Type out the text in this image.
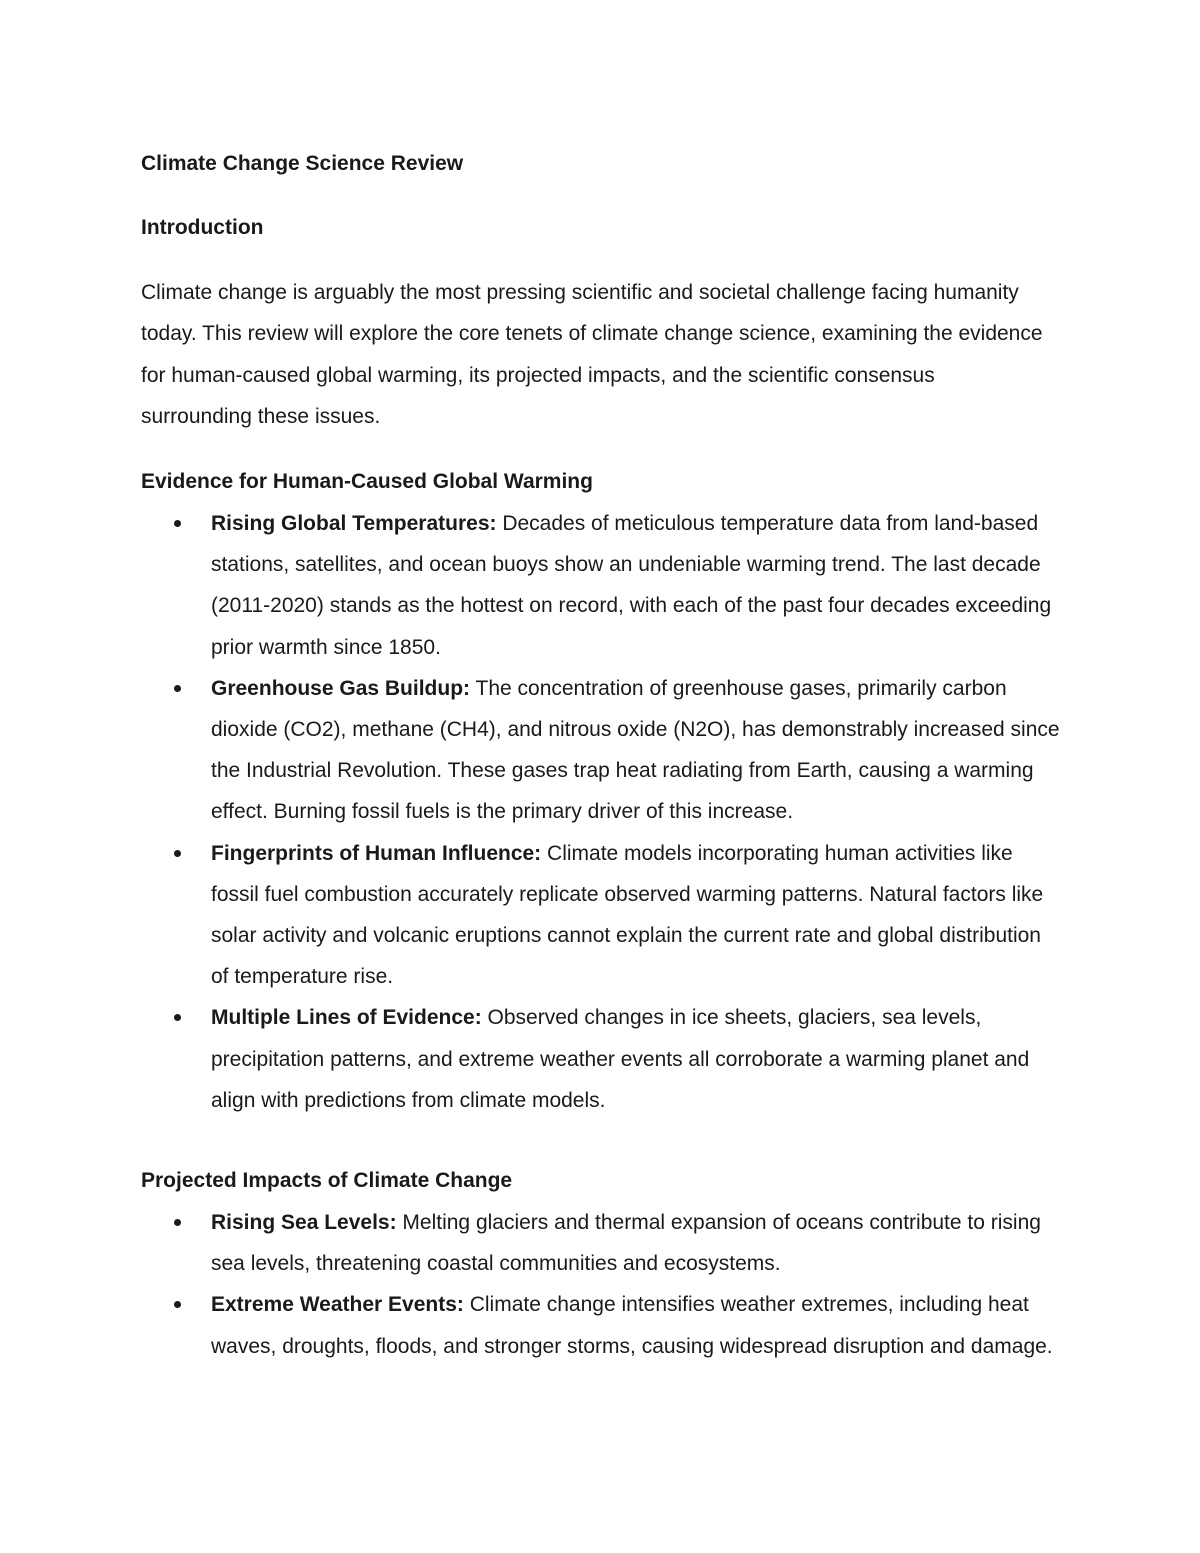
Climate Change Science Review
Introduction

Climate change is arguably the most pressing scientific and societal challenge facing humanity today. This review will explore the core tenets of climate change science, examining the evidence for human-caused global warming, its projected impacts, and the scientific consensus surrounding these issues.

Evidence for Human-Caused Global Warming
Rising Global Temperatures: Decades of meticulous temperature data from land-based stations, satellites, and ocean buoys show an undeniable warming trend. The last decade (2011-2020) stands as the hottest on record, with each of the past four decades exceeding prior warmth since 1850.
Greenhouse Gas Buildup: The concentration of greenhouse gases, primarily carbon dioxide (CO2), methane (CH4), and nitrous oxide (N2O), has demonstrably increased since the Industrial Revolution. These gases trap heat radiating from Earth, causing a warming effect. Burning fossil fuels is the primary driver of this increase.
Fingerprints of Human Influence: Climate models incorporating human activities like fossil fuel combustion accurately replicate observed warming patterns. Natural factors like solar activity and volcanic eruptions cannot explain the current rate and global distribution of temperature rise.
Multiple Lines of Evidence: Observed changes in ice sheets, glaciers, sea levels, precipitation patterns, and extreme weather events all corroborate a warming planet and align with predictions from climate models.
Projected Impacts of Climate Change
Rising Sea Levels: Melting glaciers and thermal expansion of oceans contribute to rising sea levels, threatening coastal communities and ecosystems.
Extreme Weather Events: Climate change intensifies weather extremes, including heat waves, droughts, floods, and stronger storms, causing widespread disruption and damage.
